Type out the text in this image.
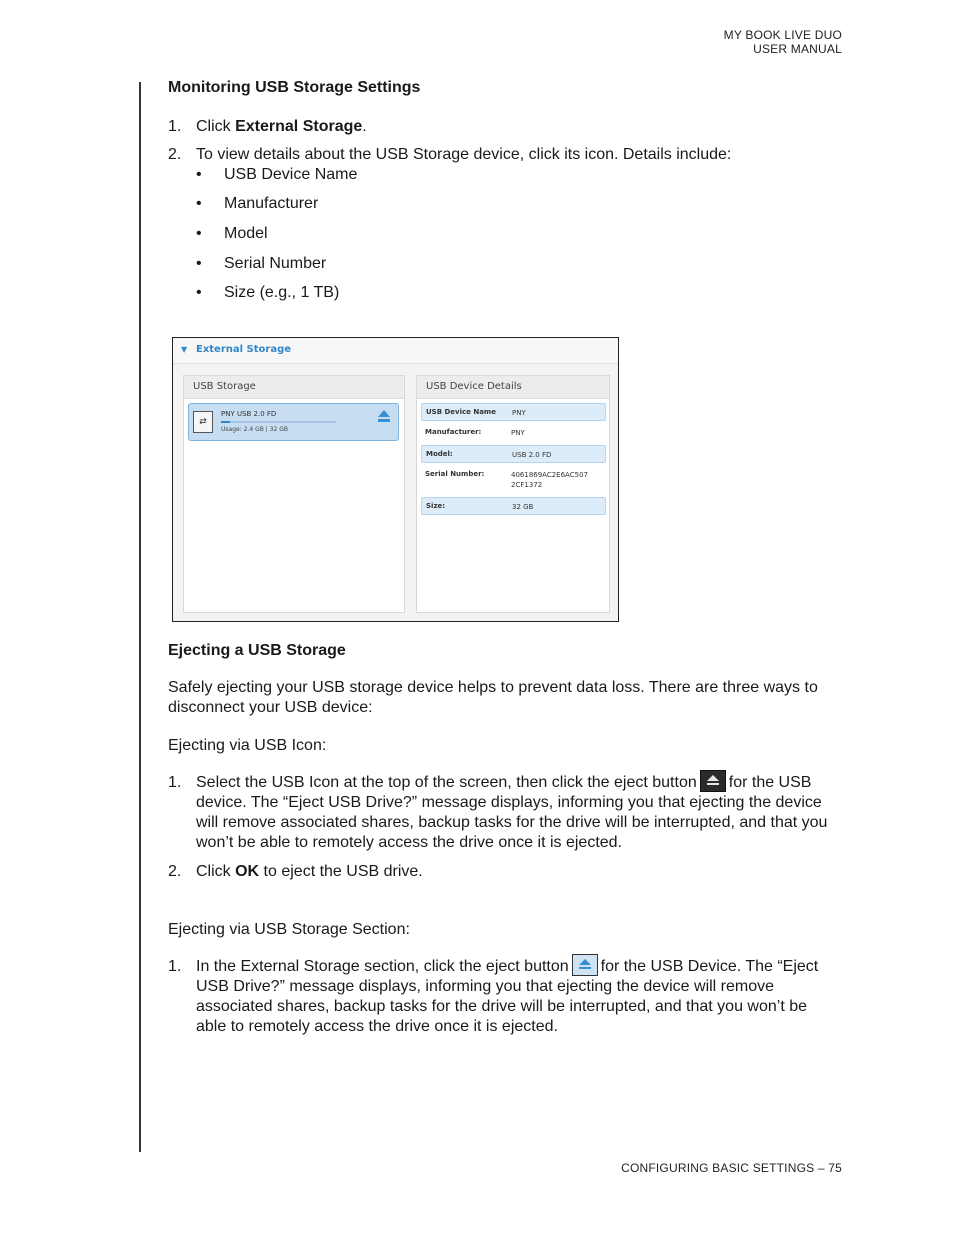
MY BOOK LIVE DUO
USER MANUAL
Monitoring USB Storage Settings
1. Click External Storage.
2. To view details about the USB Storage device, click its icon. Details include:
• USB Device Name
• Manufacturer
• Model
• Serial Number
• Size (e.g., 1 TB)
Ejecting a USB Storage

Safely ejecting your USB storage device helps to prevent data loss. There are three ways to disconnect your USB device:

Ejecting via USB Icon:

1. Select the USB Icon at the top of the screen, then click the eject button for the USB device. The “Eject USB Drive?” message displays, informing you that ejecting the device will remove associated shares, backup tasks for the drive will be interrupted, and that you won’t be able to remotely access the drive once it is ejected.
2. Click OK to eject the USB drive.

Ejecting via USB Storage Section:

1. In the External Storage section, click the eject button for the USB Device. The “Eject USB Drive?” message displays, informing you that ejecting the device will remove associated shares, backup tasks for the drive will be interrupted, and that you won’t be able to remotely access the drive once it is ejected.
▼ External Storage
USB Storage
⇄
PNY USB 2.0 FD
Usage: 2.4 GB | 32 GB
USB Device Details
USB Device Name PNY
Manufacturer:	PNY
Model:	USB 2.0 FD
Serial Number:	4061869AC2E6AC507 2CF1372
Size:	32 GB
CONFIGURING BASIC SETTINGS – 75
